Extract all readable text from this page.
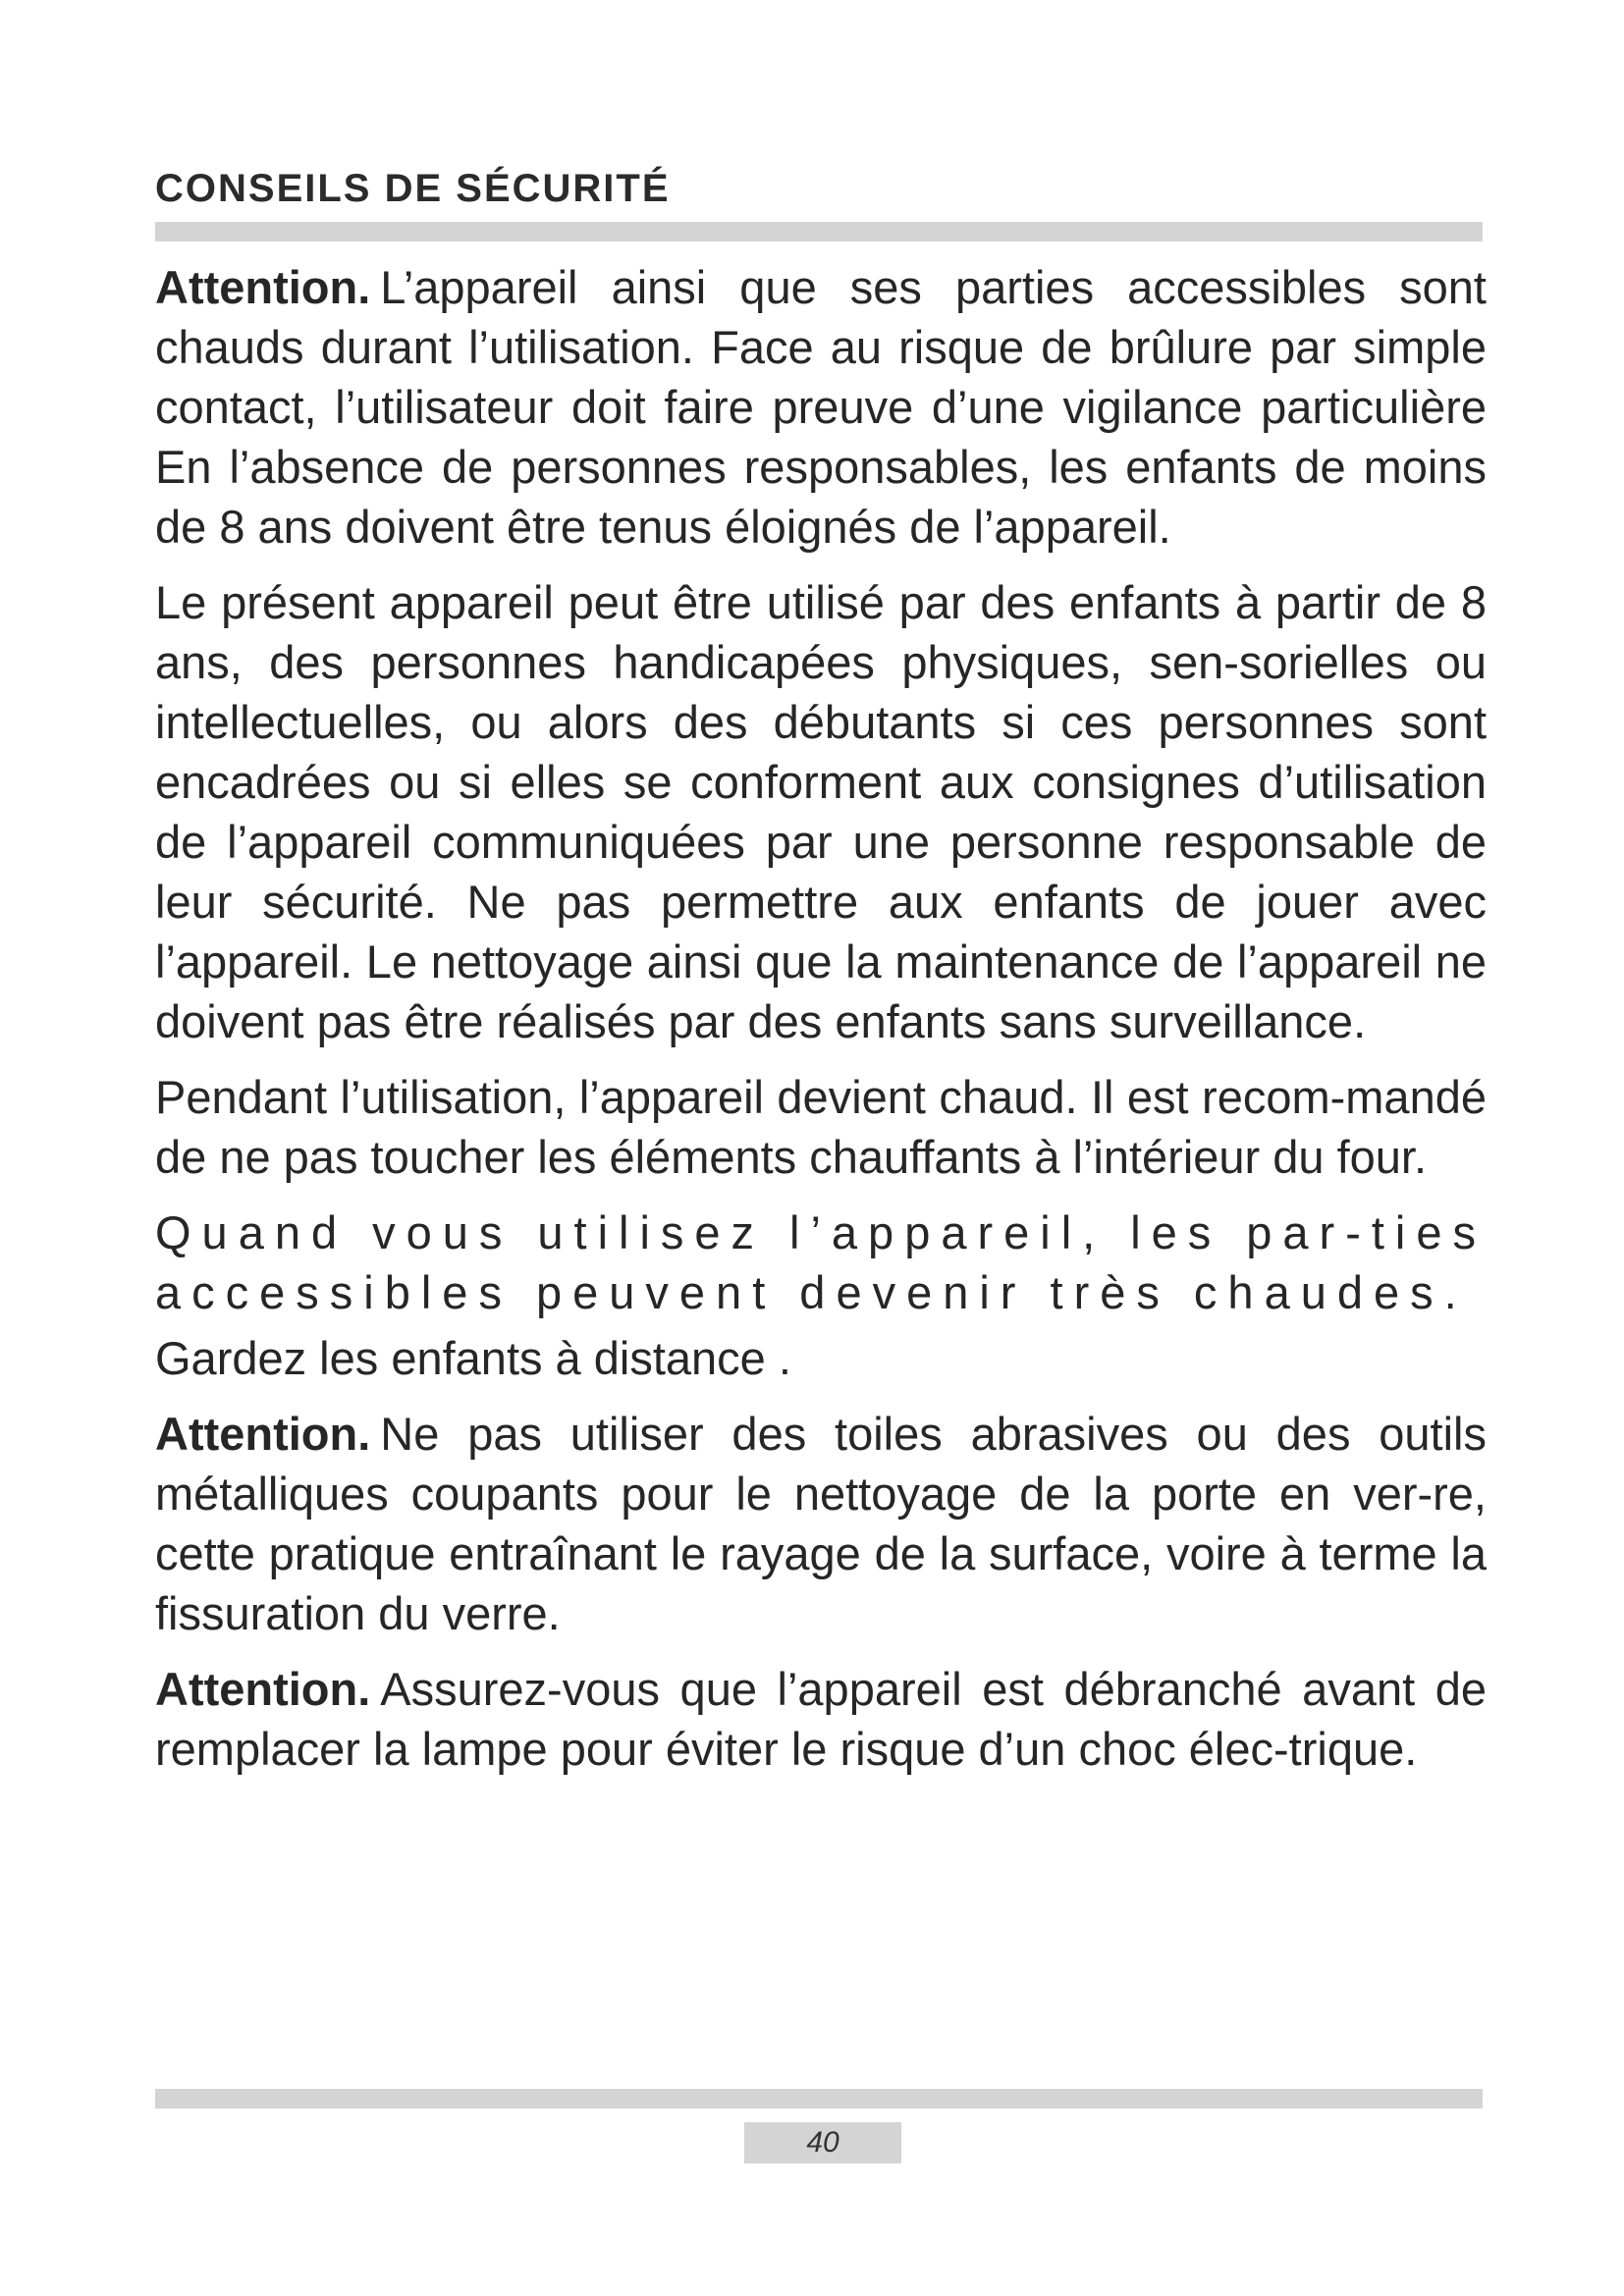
CONSEILS DE SÉCURITÉ

Attention. L’appareil ainsi que ses parties accessibles sont chauds durant l’utilisation. Face au risque de brûlure par simple contact, l’utilisateur doit faire preuve d’une vigilance particulière En l’absence de personnes responsables, les enfants de moins de 8 ans doivent être tenus éloignés de l’appareil.

Le présent appareil peut être utilisé par des enfants à partir de 8 ans, des personnes handicapées physiques, sen-sorielles ou intellectuelles, ou alors des débutants si ces personnes sont encadrées ou si elles se conforment aux consignes d’utilisation de l’appareil communiquées par une personne responsable de leur sécurité. Ne pas permettre aux enfants de jouer avec l’appareil. Le nettoyage ainsi que la maintenance de l’appareil ne doivent pas être réalisés par des enfants sans surveillance.

Pendant l’utilisation, l’appareil devient chaud. Il est recom-mandé de ne pas toucher les éléments chauffants à l’intérieur du four.

Quand vous utilisez l’appareil, les par-ties accessibles peuvent devenir très chaudes.
Gardez les enfants à distance .

Attention. Ne pas utiliser des toiles abrasives ou des outils métalliques coupants pour le nettoyage de la porte en ver-re, cette pratique entraînant le rayage de la surface, voire à terme la fissuration du verre.

Attention. Assurez-vous que l’appareil est débranché avant de remplacer la lampe pour éviter le risque d’un choc élec-trique.

40
